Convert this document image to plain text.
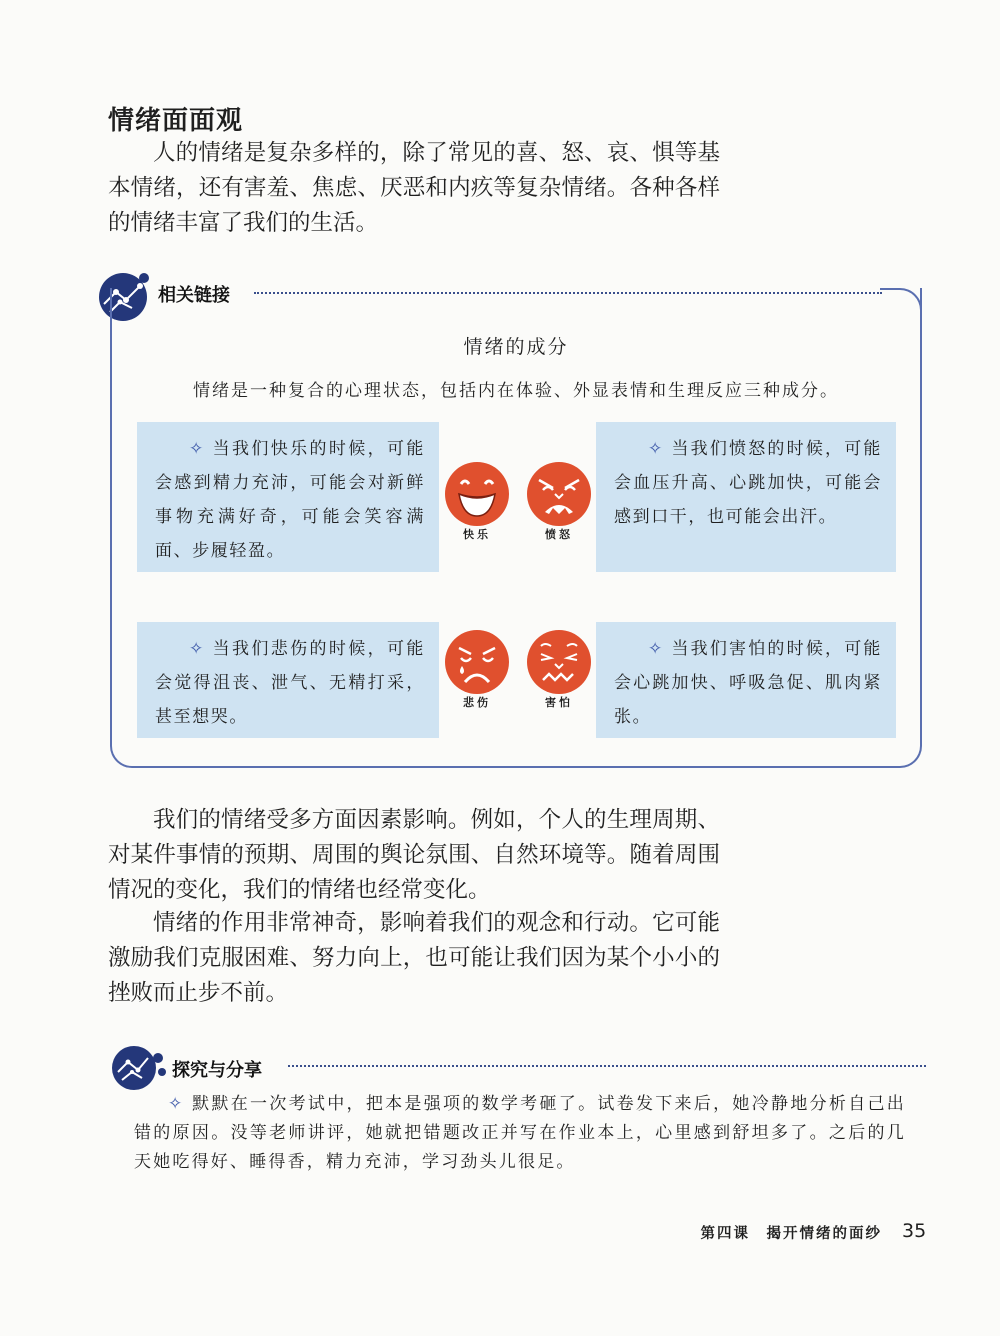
情绪面面观

人的情绪是复杂多样的，除了常见的喜、怒、哀、惧等基本情绪，还有害羞、焦虑、厌恶和内疚等复杂情绪。各种各样的情绪丰富了我们的生活。

相关链接
情绪的成分
情绪是一种复合的心理状态，包括内在体验、外显表情和生理反应三种成分。
✧ 当我们快乐的时候，可能会感到精力充沛，可能会对新鲜事物充满好奇，可能会笑容满面、步履轻盈。
✧ 当我们愤怒的时候，可能会血压升高、心跳加快，可能会感到口干，也可能会出汗。
✧ 当我们悲伤的时候，可能会觉得沮丧、泄气、无精打采，甚至想哭。
✧ 当我们害怕的时候，可能会心跳加快、呼吸急促、肌肉紧张。
快乐	愤怒
悲伤	害怕

我们的情绪受多方面因素影响。例如，个人的生理周期、对某件事情的预期、周围的舆论氛围、自然环境等。随着周围情况的变化，我们的情绪也经常变化。

情绪的作用非常神奇，影响着我们的观念和行动。它可能激励我们克服困难、努力向上，也可能让我们因为某个小小的挫败而止步不前。

探究与分享

✧ 默默在一次考试中，把本是强项的数学考砸了。试卷发下来后，她冷静地分析自己出错的原因。没等老师讲评，她就把错题改正并写在作业本上，心里感到舒坦多了。之后的几天她吃得好、睡得香，精力充沛，学习劲头儿很足。

第四课　揭开情绪的面纱 35
